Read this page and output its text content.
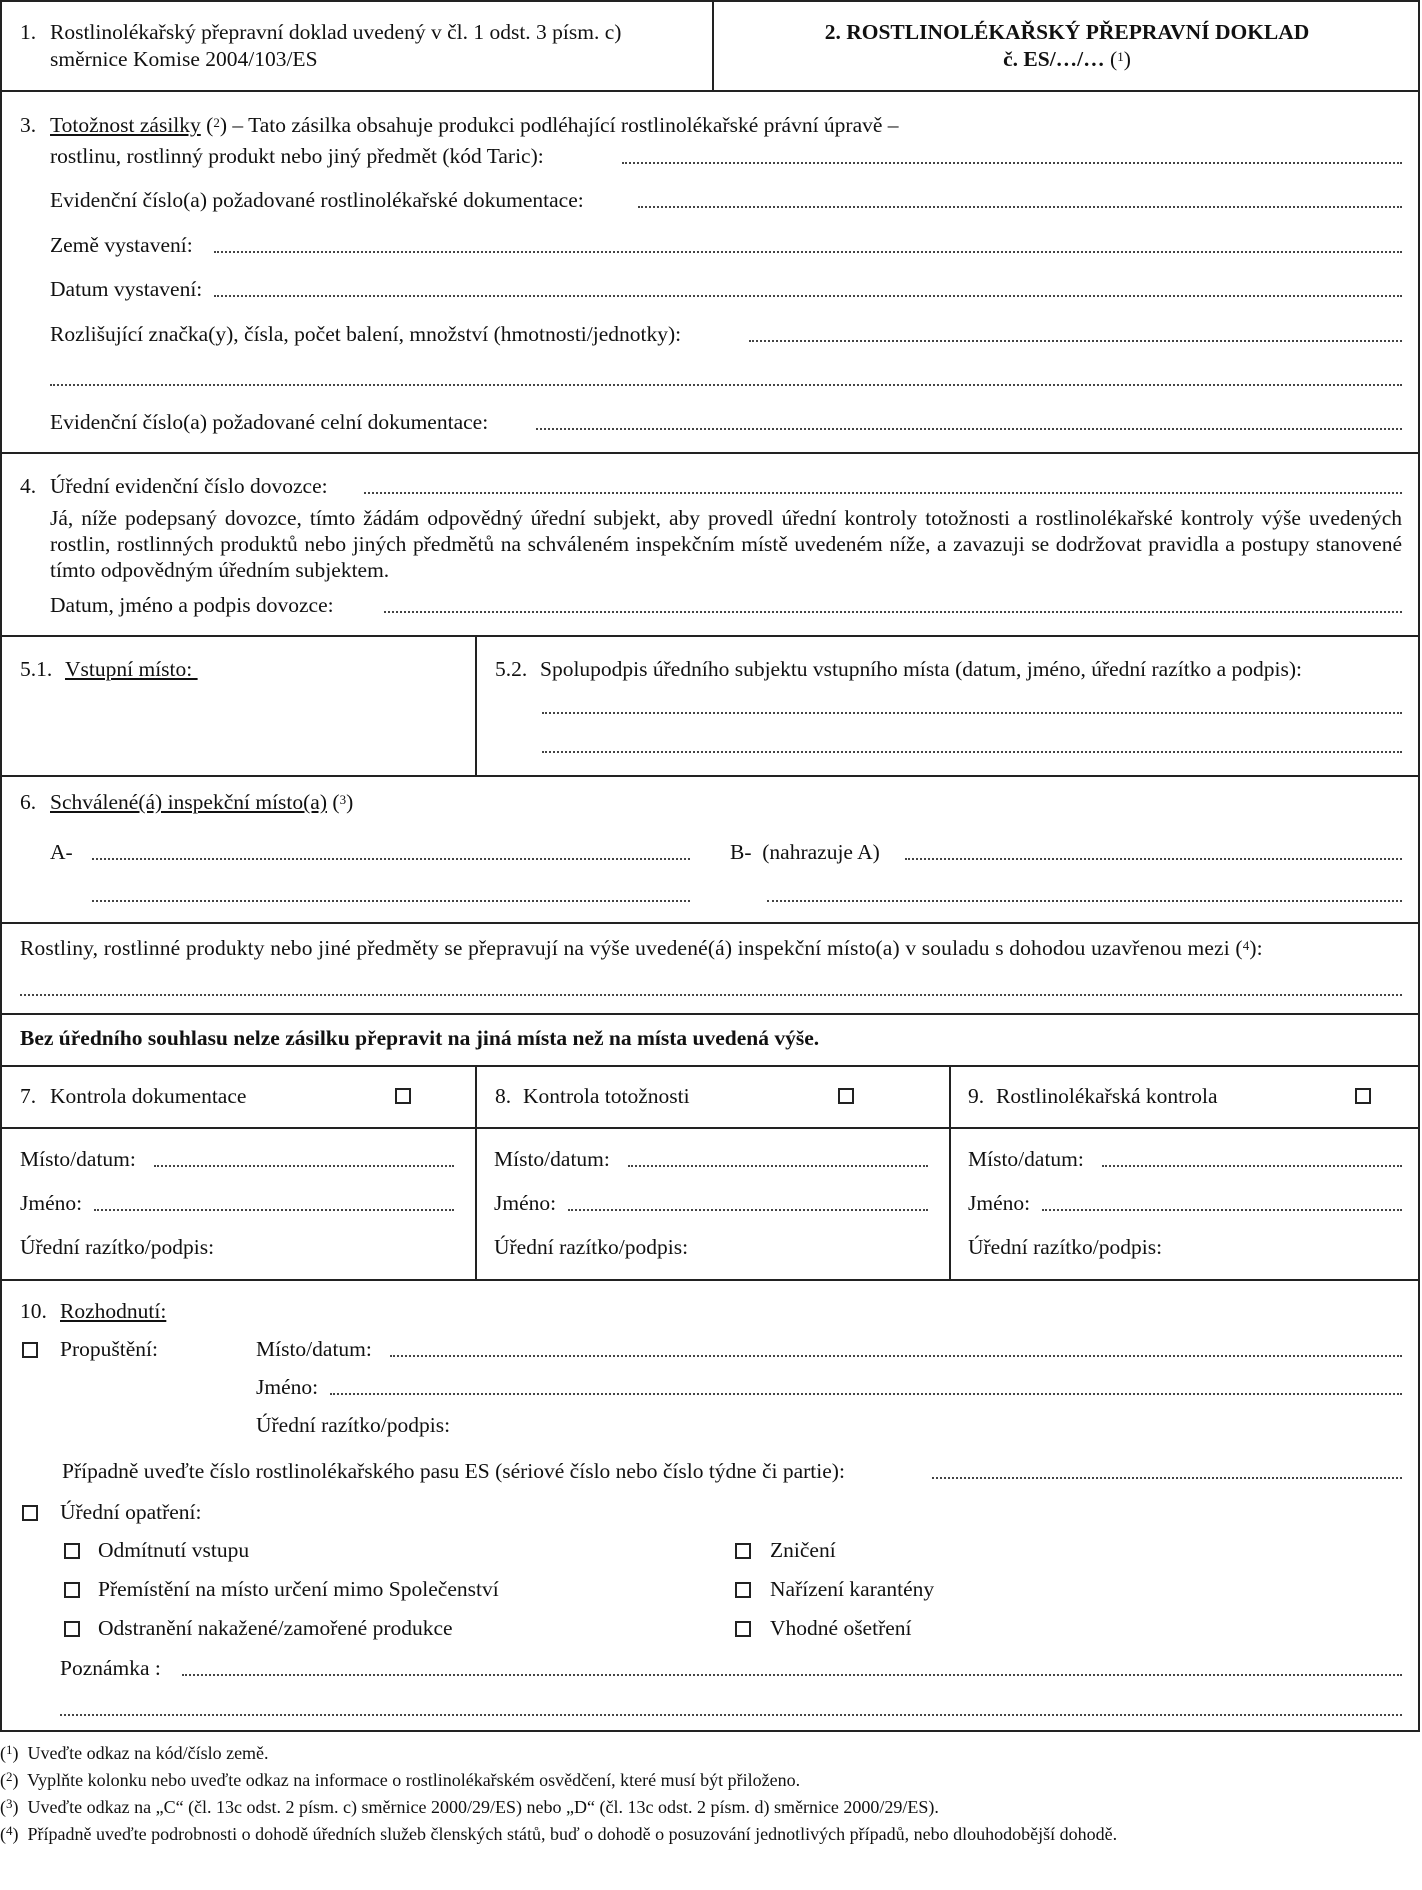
1. Rostlinolékařský přepravní doklad uvedený v čl. 1 odst. 3 písm. c)
směrnice Komise 2004/103/ES
2. ROSTLINOLÉKAŘSKÝ PŘEPRAVNÍ DOKLAD
č. ES/…/… ($^1$)
3. Totožnost zásilky ($^2$) – Tato zásilka obsahuje produkci podléhající rostlinolékařské právní úpravě –
rostlinu, rostlinný produkt nebo jiný předmět (kód Taric):
Evidenční číslo(a) požadované rostlinolékařské dokumentace:
Země vystavení:
Datum vystavení:
Rozlišující značka(y), čísla, počet balení, množství (hmotnosti/jednotky):
Evidenční číslo(a) požadované celní dokumentace:
4. Úřední evidenční číslo dovozce:
Já, níže podepsaný dovozce, tímto žádám odpovědný úřední subjekt, aby provedl úřední kontroly totožnosti a rostlinolékařské kontroly výše uvedených rostlin, rostlinných produktů nebo jiných předmětů na schváleném inspekčním místě uvedeném níže, a zavazuji se dodržovat pravidla a postupy stanovené tímto odpovědným úředním subjektem.
Datum, jméno a podpis dovozce:
5.1. Vstupní místo:	5.2. Spolupodpis úředního subjektu vstupního místa (datum, jméno, úřední razítko a podpis):
6. Schválené(á) inspekční místo(a) ($^3$)
A-	B-  (nahrazuje A)
Rostliny, rostlinné produkty nebo jiné předměty se přepravují na výše uvedené(á) inspekční místo(a) v souladu s dohodou uzavřenou mezi ($^4$):
Bez úředního souhlasu nelze zásilku přepravit na jiná místa než na místa uvedená výše.
7. Kontrola dokumentace	8. Kontrola totožnosti	9. Rostlinolékařská kontrola
Místo/datum:
Jméno:
Úřední razítko/podpis:
Místo/datum:
Jméno:
Úřední razítko/podpis:
Místo/datum:
Jméno:
Úřední razítko/podpis:
10. Rozhodnutí:
Propuštění:	Místo/datum:
Jméno:
Úřední razítko/podpis:
Případně uveďte číslo rostlinolékařského pasu ES (sériové číslo nebo číslo týdne či partie):
Úřední opatření:
Odmítnutí vstupu
Přemístění na místo určení mimo Společenství
Odstranění nakažené/zamořené produkce
Zničení
Nařízení karantény
Vhodné ošetření
Poznámka :
($^1$)  Uveďte odkaz na kód/číslo země.
($^2$)  Vyplňte kolonku nebo uveďte odkaz na informace o rostlinolékařském osvědčení, které musí být přiloženo.
($^3$)  Uveďte odkaz na „C“ (čl. 13c odst. 2 písm. c) směrnice 2000/29/ES) nebo „D“ (čl. 13c odst. 2 písm. d) směrnice 2000/29/ES).
($^4$)  Případně uveďte podrobnosti o dohodě úředních služeb členských států, buď o dohodě o posuzování jednotlivých případů, nebo dlouhodobější dohodě.
